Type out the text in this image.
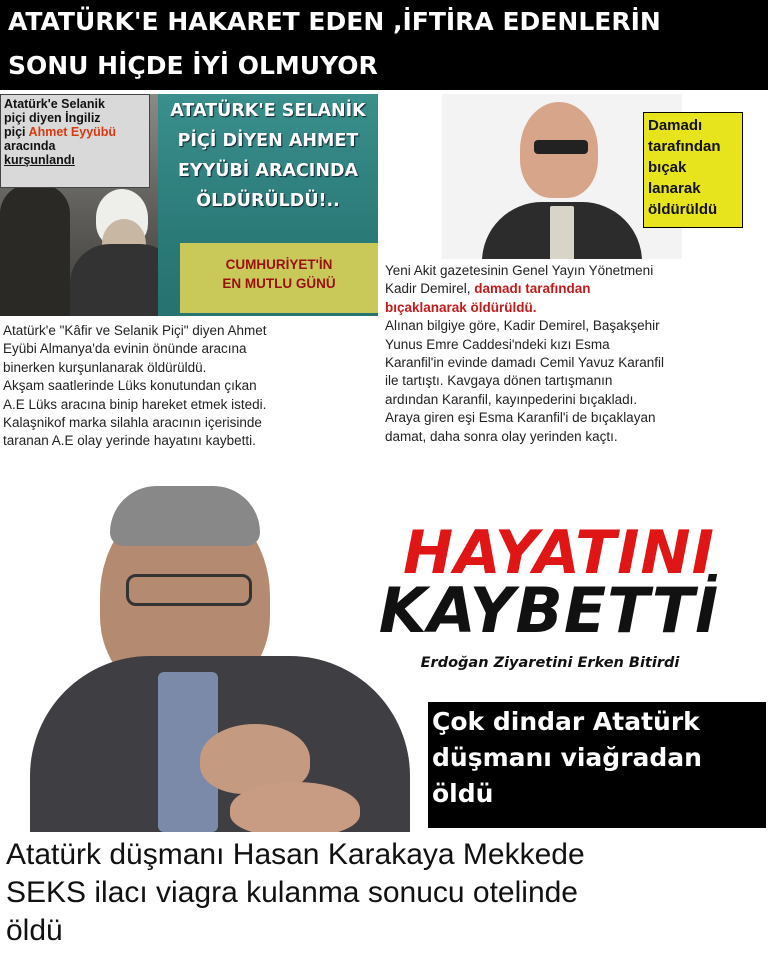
ATATÜRK'E HAKARET EDEN ,İFTİRA EDENLERİN
SONU HİÇDE İYİ OLMUYOR
ATATÜRK'E SELANİK
PİÇİ DİYEN AHMET
EYYÜBİ ARACINDA
ÖLDÜRÜLDÜ!..
Atatürk'e Selanik
piçi diyen İngiliz
piçi Ahmet Eyyübü
aracında
kurşunlandı
CUMHURİYET'İN
EN MUTLU GÜNÜ
Atatürk'e "Kâfir ve Selanik Piçi" diyen Ahmet
Eyübi Almanya'da evinin önünde aracına
binerken kurşunlanarak öldürüldü.
Akşam saatlerinde Lüks konutundan çıkan
A.E Lüks aracına binip hareket etmek istedi.
Kalaşnikof marka silahla aracının içerisinde
taranan A.E olay yerinde hayatını kaybetti.
Damadı
tarafından
bıçak
lanarak
öldürüldü
Yeni Akit gazetesinin Genel Yayın Yönetmeni
Kadir Demirel, damadı tarafından
bıçaklanarak öldürüldü.
Alınan bilgiye göre, Kadir Demirel, Başakşehir
Yunus Emre Caddesi'ndeki kızı Esma
Karanfil'in evinde damadı Cemil Yavuz Karanfil
ile tartıştı. Kavgaya dönen tartışmanın
ardından Karanfil, kayınpederini bıçakladı.
Araya giren eşi Esma Karanfil'i de bıçaklayan
damat, daha sonra olay yerinden kaçtı.
HAYATINI
KAYBETTİ
Erdoğan Ziyaretini Erken Bitirdi
Çok dindar Atatürk
düşmanı viağradan
öldü
Atatürk düşmanı Hasan Karakaya Mekkede
SEKS ilacı viagra kulanma sonucu otelinde
öldü
